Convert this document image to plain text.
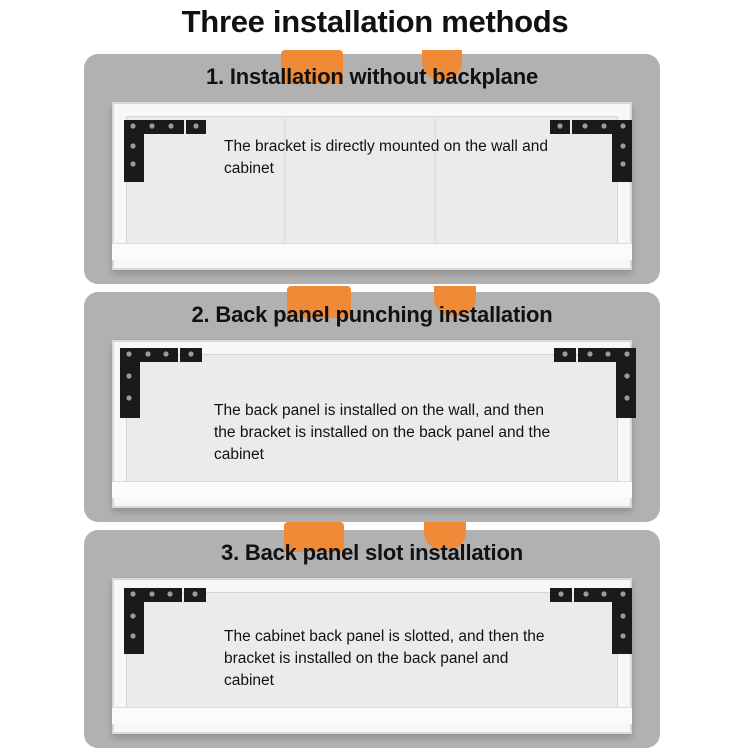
Three installation methods
1. Installation without backplane
The bracket is directly mounted on the wall and cabinet
2. Back panel punching installation
The back panel is installed on the wall, and then the bracket is installed on the back panel and the cabinet
3. Back panel slot installation
The cabinet back panel is slotted, and then the bracket is installed on the back panel and cabinet
